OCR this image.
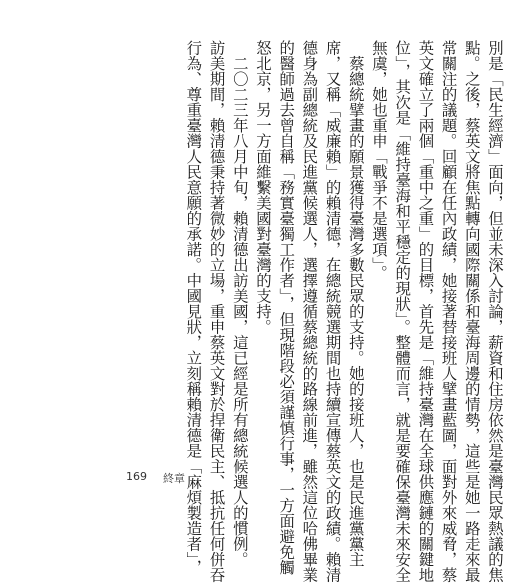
別是「民生經濟」面向，但並未深入討論，薪資和住房依然是臺灣民眾熱議的焦
點。之後，蔡英文將焦點轉向國際關係和臺海周邊的情勢，這些是她一路走來最
常關注的議題。回顧在任內政績，她接著替接班人擘畫藍圖，面對外來威脅，蔡
英文確立了兩個「重中之重」的目標，首先是「維持臺灣在全球供應鏈的關鍵地
位」，其次是「維持臺海和平穩定的現狀」。整體而言，就是要確保臺灣未來安全
無虞，她也重申「戰爭不是選項」。
　蔡總統擘畫的願景獲得臺灣多數民眾的支持。她的接班人，也是民進黨黨主
席，又稱「威廉賴」的賴清德，在總統競選期間也持續宣傳蔡英文的政績。賴清
德身為副總統及民進黨候選人，選擇遵循蔡總統的路線前進，雖然這位哈佛畢業
的醫師過去曾自稱「務實臺獨工作者」，但現階段必須謹慎行事，一方面避免觸
怒北京，另一方面維繫美國對臺灣的支持。
　二〇二三年八月中旬，賴清德出訪美國，這已經是所有總統候選人的慣例。
訪美期間，賴清德秉持著微妙的立場，重申蔡英文對於捍衛民主、抵抗任何併吞
行為、尊重臺灣人民意願的承諾。中國見狀，立刻稱賴清德是「麻煩製造者」，
169 終章
